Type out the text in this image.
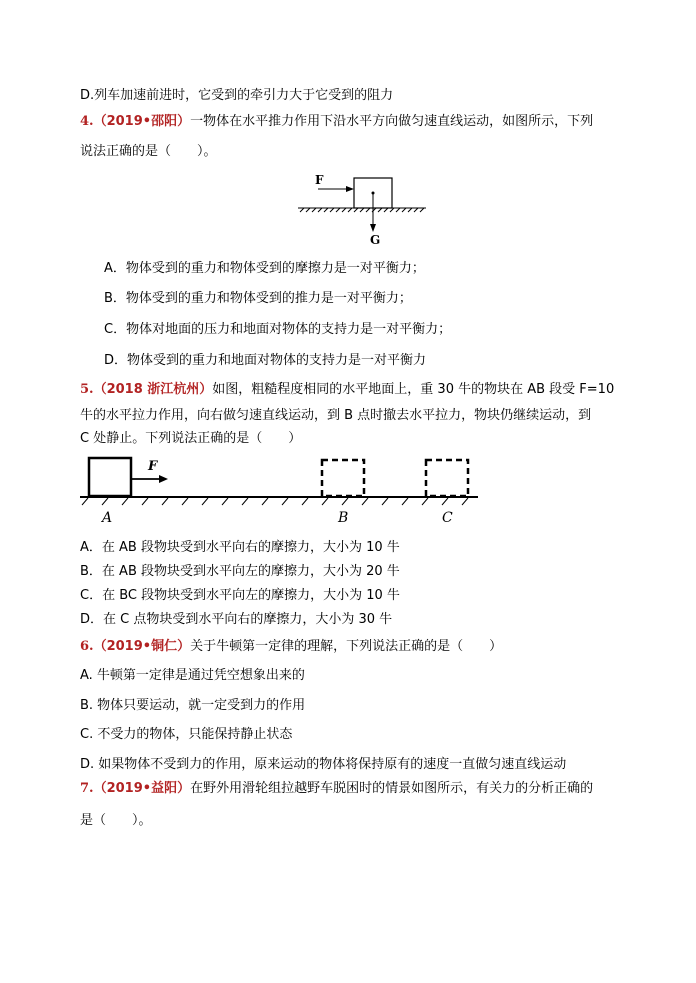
D.列车加速前进时，它受到的牵引力大于它受到的阻力
4.（2019•邵阳）一物体在水平推力作用下沿水平方向做匀速直线运动，如图所示，下列
说法正确的是（　　）。
F
G
A．物体受到的重力和物体受到的摩擦力是一对平衡力；
B．物体受到的重力和物体受到的推力是一对平衡力；
C．物体对地面的压力和地面对物体的支持力是一对平衡力；
D．物体受到的重力和地面对物体的支持力是一对平衡力
5.（2018 浙江杭州）如图，粗糙程度相同的水平地面上，重 30 牛的物块在 AB 段受 F=10
牛的水平拉力作用，向右做匀速直线运动，到 B 点时撤去水平拉力，物块仍继续运动，到
C 处静止。下列说法正确的是（　　）
F
A	B	C
A．在 AB 段物块受到水平向右的摩擦力，大小为 10 牛
B．在 AB 段物块受到水平向左的摩擦力，大小为 20 牛
C．在 BC 段物块受到水平向左的摩擦力，大小为 10 牛
D．在 C 点物块受到水平向右的摩擦力，大小为 30 牛
6.（2019•铜仁）关于牛顿第一定律的理解，下列说法正确的是（　　）
A. 牛顿第一定律是通过凭空想象出来的
B. 物体只要运动，就一定受到力的作用
C. 不受力的物体，只能保持静止状态
D. 如果物体不受到力的作用，原来运动的物体将保持原有的速度一直做匀速直线运动
7.（2019•益阳）在野外用滑轮组拉越野车脱困时的情景如图所示，有关力的分析正确的
是（　　）。
